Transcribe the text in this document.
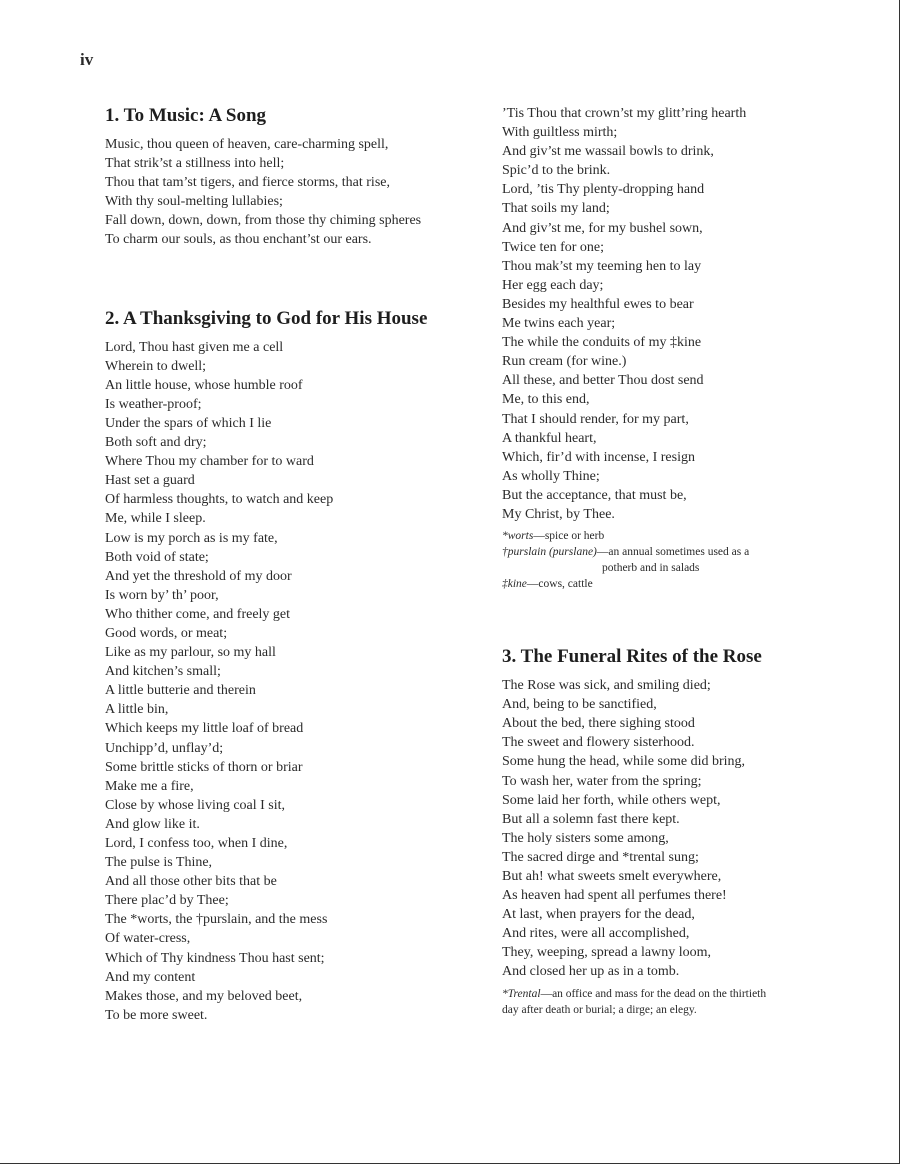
iv
1. To Music: A Song
Music, thou queen of heaven, care-charming spell,
That strik’st a stillness into hell;
Thou that tam’st tigers, and fierce storms, that rise,
With thy soul-melting lullabies;
Fall down, down, down, from those thy chiming spheres
To charm our souls, as thou enchant’st our ears.
2. A Thanksgiving to God for His House
Lord, Thou hast given me a cell
Wherein to dwell;
An little house, whose humble roof
Is weather-proof;
Under the spars of which I lie
Both soft and dry;
Where Thou my chamber for to ward
Hast set a guard
Of harmless thoughts, to watch and keep
Me, while I sleep.
Low is my porch as is my fate,
Both void of state;
And yet the threshold of my door
Is worn by’ th’ poor,
Who thither come, and freely get
Good words, or meat;
Like as my parlour, so my hall
And kitchen’s small;
A little butterie and therein
A little bin,
Which keeps my little loaf of bread
Unchipp’d, unflay’d;
Some brittle sticks of thorn or briar
Make me a fire,
Close by whose living coal I sit,
And glow like it.
Lord, I confess too, when I dine,
The pulse is Thine,
And all those other bits that be
There plac’d by Thee;
The *worts, the †purslain, and the mess
Of water-cress,
Which of Thy kindness Thou hast sent;
And my content
Makes those, and my beloved beet,
To be more sweet.
’Tis Thou that crown’st my glitt’ring hearth
With guiltless mirth;
And giv’st me wassail bowls to drink,
Spic’d to the brink.
Lord, ’tis Thy plenty-dropping hand
That soils my land;
And giv’st me, for my bushel sown,
Twice ten for one;
Thou mak’st my teeming hen to lay
Her egg each day;
Besides my healthful ewes to bear
Me twins each year;
The while the conduits of my ‡kine
Run cream (for wine.)
All these, and better Thou dost send
Me, to this end,
That I should render, for my part,
A thankful heart,
Which, fir’d with incense, I resign
As wholly Thine;
But the acceptance, that must be,
My Christ, by Thee.
*worts—spice or herb
†purslain (purslane)—an annual sometimes used as a
potherb and in salads
‡kine—cows, cattle
3. The Funeral Rites of the Rose
The Rose was sick, and smiling died;
And, being to be sanctified,
About the bed, there sighing stood
The sweet and flowery sisterhood.
Some hung the head, while some did bring,
To wash her, water from the spring;
Some laid her forth, while others wept,
But all a solemn fast there kept.
The holy sisters some among,
The sacred dirge and *trental sung;
But ah! what sweets smelt everywhere,
As heaven had spent all perfumes there!
At last, when prayers for the dead,
And rites, were all accomplished,
They, weeping, spread a lawny loom,
And closed her up as in a tomb.
*Trental—an office and mass for the dead on the thirtieth
day after death or burial; a dirge; an elegy.
